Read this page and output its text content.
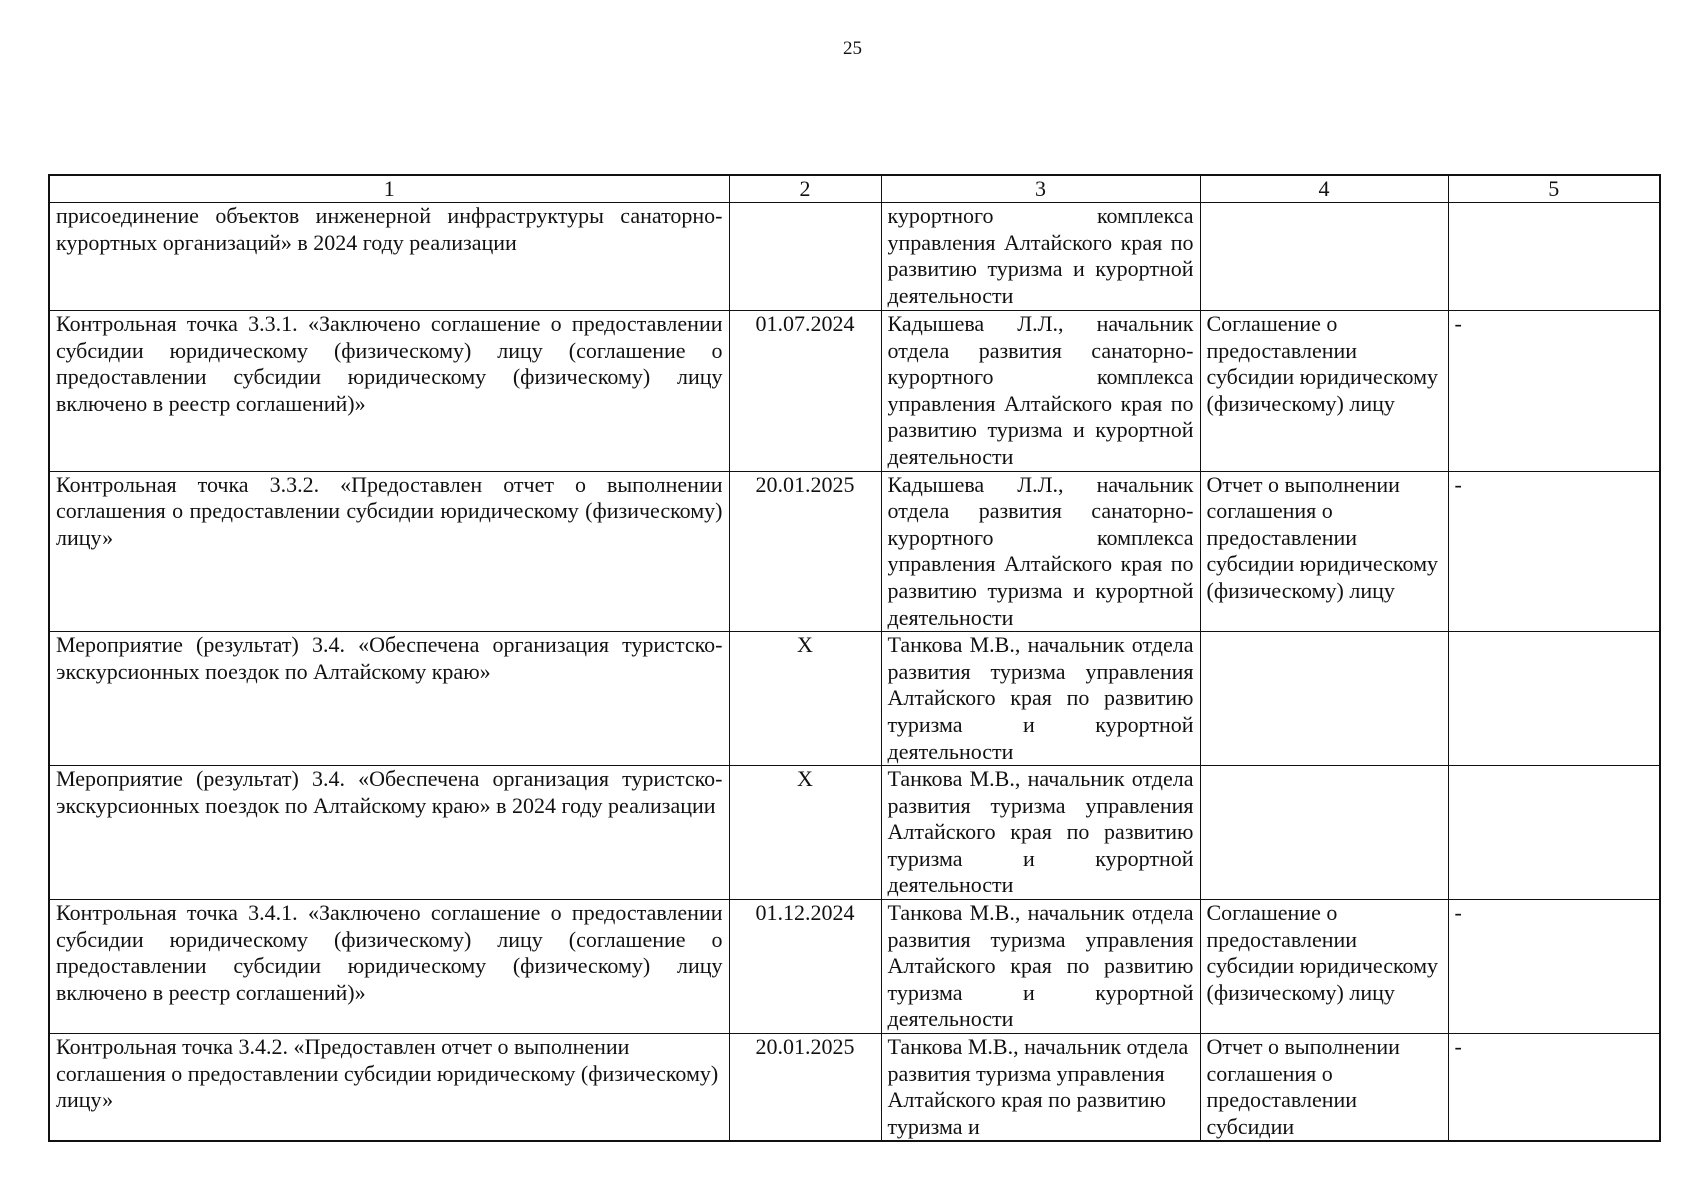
25
1	2	3	4	5
присоединение объектов инженерной инфраструктуры санаторно-курортных организаций» в 2024 году реализации		курортного комплекса управления Алтайского края по развитию туризма и курортной деятельности		
Контрольная точка 3.3.1. «Заключено соглашение о предоставлении субсидии юридическому (физическому) лицу (соглашение о предоставлении субсидии юридическому (физическому) лицу включено в реестр соглашений)»	01.07.2024	Кадышева Л.Л., начальник отдела развития санаторно-курортного комплекса управления Алтайского края по развитию туризма и курортной деятельности	Соглашение о предоставлении субсидии юридическому (физическому) лицу	-
Контрольная точка 3.3.2. «Предоставлен отчет о выполнении соглашения о предоставлении субсидии юридическому (физическому) лицу»	20.01.2025	Кадышева Л.Л., начальник отдела развития санаторно-курортного комплекса управления Алтайского края по развитию туризма и курортной деятельности	Отчет о выполнении соглашения о предоставлении субсидии юридическому (физическому) лицу	-
Мероприятие (результат) 3.4. «Обеспечена организация туристско-экскурсионных поездок по Алтайскому краю»	Х	Танкова М.В., начальник отдела развития туризма управления Алтайского края по развитию туризма и курортной деятельности		
Мероприятие (результат) 3.4. «Обеспечена организация туристско-экскурсионных поездок по Алтайскому краю» в 2024 году реализации	Х	Танкова М.В., начальник отдела развития туризма управления Алтайского края по развитию туризма и курортной деятельности		
Контрольная точка 3.4.1. «Заключено соглашение о предоставлении субсидии юридическому (физическому) лицу (соглашение о предоставлении субсидии юридическому (физическому) лицу включено в реестр соглашений)»	01.12.2024	Танкова М.В., начальник отдела развития туризма управления Алтайского края по развитию туризма и курортной деятельности	Соглашение о предоставлении субсидии юридическому (физическому) лицу	-
Контрольная точка 3.4.2. «Предоставлен отчет о выполнении соглашения о предоставлении субсидии юридическому (физическому) лицу»	20.01.2025	Танкова М.В., начальник отдела развития туризма управления Алтайского края по развитию туризма и	Отчет о выполнении соглашения о предоставлении субсидии	-
